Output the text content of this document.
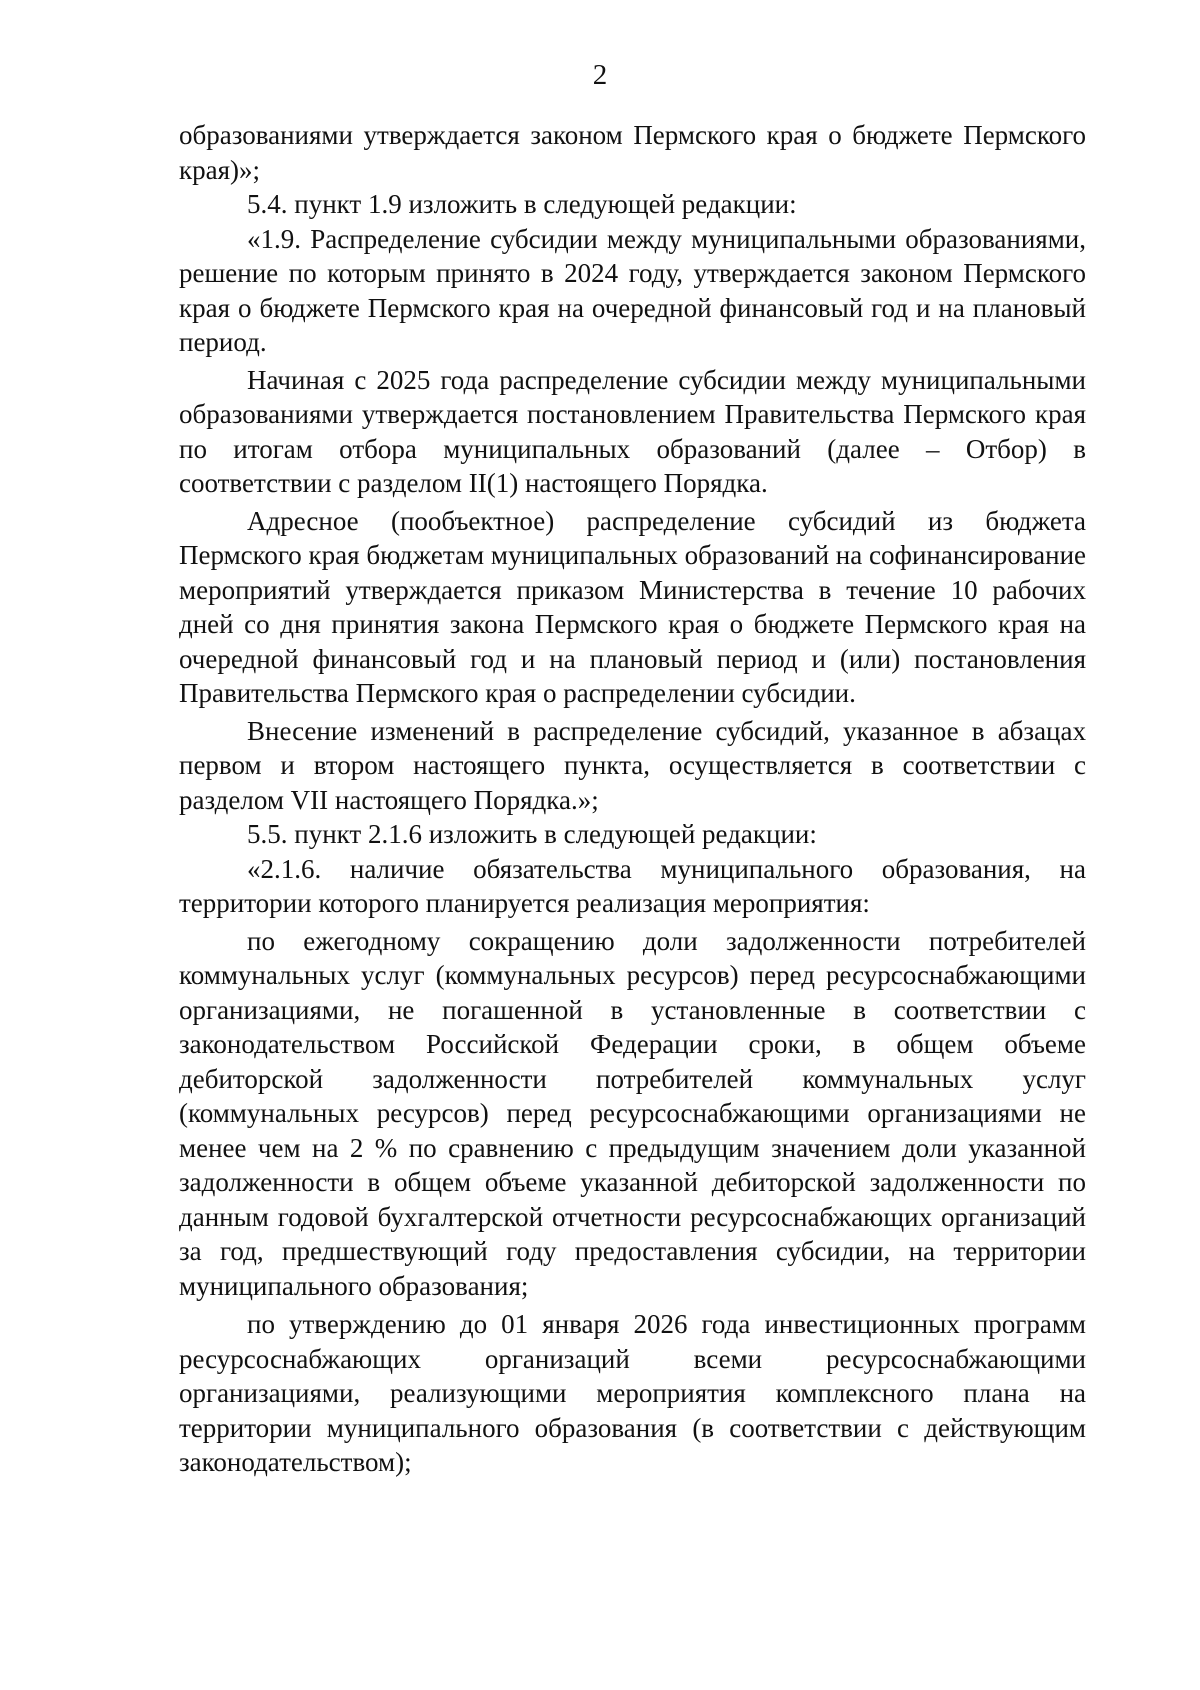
2

образованиями утверждается законом Пермского края о бюджете Пермского края)»;

5.4. пункт 1.9 изложить в следующей редакции:

«1.9. Распределение субсидии между муниципальными образованиями, решение по которым принято в 2024 году, утверждается законом Пермского края о бюджете Пермского края на очередной финансовый год и на плановый период.

Начиная с 2025 года распределение субсидии между муниципальными образованиями утверждается постановлением Правительства Пермского края по итогам отбора муниципальных образований (далее – Отбор) в соответствии с разделом II(1) настоящего Порядка.

Адресное (пообъектное) распределение субсидий из бюджета Пермского края бюджетам муниципальных образований на софинансирование мероприятий утверждается приказом Министерства в течение 10 рабочих дней со дня принятия закона Пермского края о бюджете Пермского края на очередной финансовый год и на плановый период и (или) постановления Правительства Пермского края о распределении субсидии.

Внесение изменений в распределение субсидий, указанное в абзацах первом и втором настоящего пункта, осуществляется в соответствии с разделом VII настоящего Порядка.»;

5.5. пункт 2.1.6 изложить в следующей редакции:

«2.1.6. наличие обязательства муниципального образования, на территории которого планируется реализация мероприятия:

по ежегодному сокращению доли задолженности потребителей коммунальных услуг (коммунальных ресурсов) перед ресурсоснабжающими организациями, не погашенной в установленные в соответствии с законодательством Российской Федерации сроки, в общем объеме дебиторской задолженности потребителей коммунальных услуг (коммунальных ресурсов) перед ресурсоснабжающими организациями не менее чем на 2 % по сравнению с предыдущим значением доли указанной задолженности в общем объеме указанной дебиторской задолженности по данным годовой бухгалтерской отчетности ресурсоснабжающих организаций за год, предшествующий году предоставления субсидии, на территории муниципального образования;

по утверждению до 01 января 2026 года инвестиционных программ ресурсоснабжающих организаций всеми ресурсоснабжающими организациями, реализующими мероприятия комплексного плана на территории муниципального образования (в соответствии с действующим законодательством);
